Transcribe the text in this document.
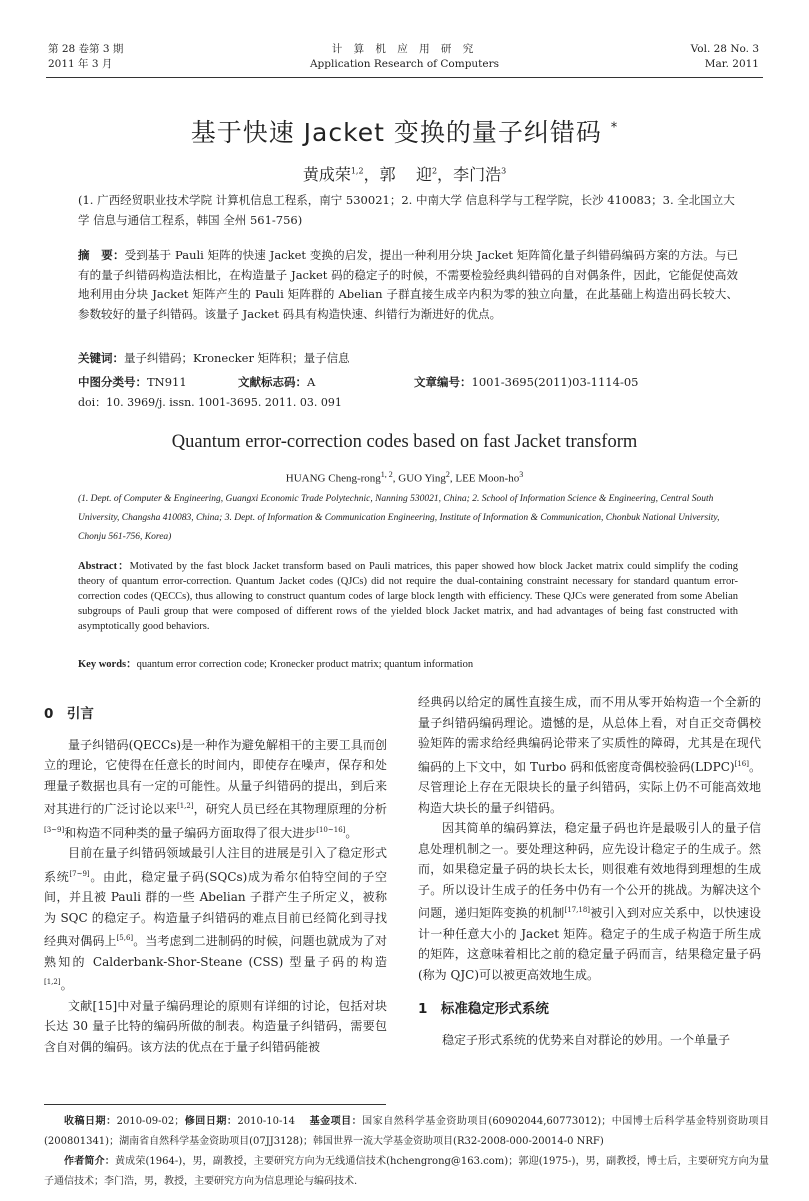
第 28 卷第 3 期
2011 年 3 月
计 算 机 应 用 研 究
Application Research of Computers
Vol. 28 No. 3
Mar. 2011
基于快速 Jacket 变换的量子纠错码 *
黄成荣$^{1,2}$，郭    迎$^2$，李门浩$^3$
(1. 广西经贸职业技术学院 计算机信息工程系，南宁 530021；2. 中南大学 信息科学与工程学院，长沙 410083；3. 全北国立大学 信息与通信工程系，韩国 全州 561-756)
摘　要：受到基于 Pauli 矩阵的快速 Jacket 变换的启发，提出一种利用分块 Jacket 矩阵简化量子纠错码编码方案的方法。与已有的量子纠错码构造法相比，在构造量子 Jacket 码的稳定子的时候，不需要检验经典纠错码的自对偶条件，因此，它能促使高效地利用由分块 Jacket 矩阵产生的 Pauli 矩阵群的 Abelian 子群直接生成辛内积为零的独立向量，在此基础上构造出码长较大、参数较好的量子纠错码。该量子 Jacket 码具有构造快速、纠错行为渐进好的优点。
关键词：量子纠错码；Kronecker 矩阵积；量子信息
中图分类号：TN911	文献标志码：A	文章编号：1001-3695(2011)03-1114-05
doi：10. 3969/j. issn. 1001-3695. 2011. 03. 091
Quantum error-correction codes based on fast Jacket transform
HUANG Cheng-rong$^{1, 2}$, GUO Ying$^2$, LEE Moon-$ho^3$
(1. Dept. of Computer & Engineering, Guangxi Economic Trade Polytechnic, Nanning 530021, China; 2. School of Information Science & Engineering, Central South University, Changsha 410083, China; 3. Dept. of Information & Communication Engineering, Institute of Information & Communication, Chonbuk National University, Chonju 561-756, Korea)
Abstract：Motivated by the fast block Jacket transform based on Pauli matrices, this paper showed how block Jacket matrix could simplify the coding theory of quantum error-correction. Quantum Jacket codes (QJCs) did not require the dual-containing constraint necessary for standard quantum error-correction codes (QECCs), thus allowing to construct quantum codes of large block length with efficiency. These QJCs were generated from some Abelian subgroups of Pauli group that were composed of different rows of the yielded block Jacket matrix, and had advantages of being fast constructed with asymptotically good behaviors.
Key words：quantum error correction code; Kronecker product matrix; quantum information

0　引言

量子纠错码(QECCs)是一种作为避免解相干的主要工具而创立的理论，它使得在任意长的时间内，即使存在噪声，保存和处理量子数据也具有一定的可能性。从量子纠错码的提出，到后来对其进行的广泛讨论以来[1,2]，研究人员已经在其物理原理的分析[3~9]和构造不同种类的量子编码方面取得了很大进步[10~16]。

目前在量子纠错码领域最引人注目的进展是引入了稳定形式系统[7~9]。由此，稳定量子码(SQCs)成为希尔伯特空间的子空间，并且被 Pauli 群的一些 Abelian 子群产生子所定义，被称为 SQC 的稳定子。构造量子纠错码的难点目前已经简化到寻找经典对偶码上[5,6]。当考虑到二进制码的时候，问题也就成为了对熟知的 Calderbank-Shor-Steane (CSS) 型量子码的构造[1,2]。

文献[15]中对量子编码理论的原则有详细的讨论，包括对块长达 30 量子比特的编码所做的制表。构造量子纠错码，需要包含自对偶的编码。该方法的优点在于量子纠错码能被

经典码以给定的属性直接生成，而不用从零开始构造一个全新的量子纠错码编码理论。遗憾的是，从总体上看，对自正交奇偶校验矩阵的需求给经典编码论带来了实质性的障碍，尤其是在现代编码的上下文中，如 Turbo 码和低密度奇偶校验码(LDPC)[16]。尽管理论上存在无限块长的量子纠错码，实际上仍不可能高效地构造大块长的量子纠错码。

因其简单的编码算法，稳定量子码也许是最吸引人的量子信息处理机制之一。要处理这种码，应先设计稳定子的生成子。然而，如果稳定量子码的块长太长，则很难有效地得到理想的生成子。所以设计生成子的任务中仍有一个公开的挑战。为解决这个问题，递归矩阵变换的机制[17,18]被引入到对应关系中，以快速设计一种任意大小的 Jacket 矩阵。稳定子的生成子构造于所生成的矩阵，这意味着相比之前的稳定量子码而言，结果稳定量子码(称为 QJC)可以被更高效地生成。

1　标准稳定形式系统

稳定子形式系统的优势来自对群论的妙用。一个单量子

收稿日期：2010-09-02；修回日期：2010-10-14 基金项目：国家自然科学基金资助项目(60902044,60773012)；中国博士后科学基金特别资助项目(200801341)；湖南省自然科学基金资助项目(07JJ3128)；韩国世界一流大学基金资助项目(R32-2008-000-20014-0 NRF)
作者简介：黄成荣(1964-)，男，副教授，主要研究方向为无线通信技术(hchengrong@163.com)；郭迎(1975-)，男，副教授，博士后，主要研究方向为量子通信技术；李门浩，男，教授，主要研究方向为信息理论与编码技术.
